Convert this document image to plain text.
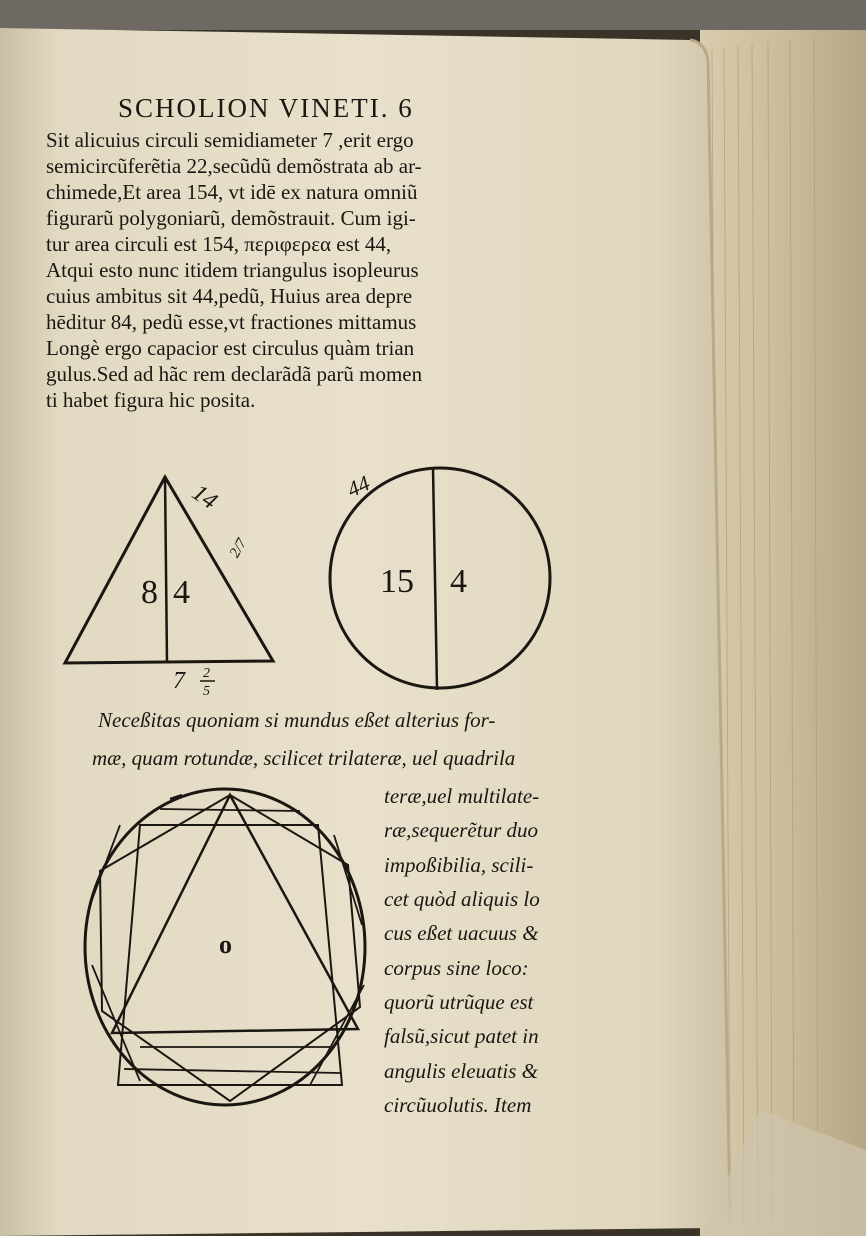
SCHOLION VINETI. 6
Sit alicuius circuli semidiameter 7 ,erit ergo
semicircũferẽtia 22,secũdũ demõstrata ab ar-
chimede,Et area 154, vt idē ex natura omniũ
figurarũ polygoniarũ, demõstrauit. Cum igi-
tur area circuli est 154, περιφερεα est 44,
Atqui esto nunc itidem triangulus isopleurus
cuius ambitus sit 44,pedũ, Huius area depre
hēditur 84, pedũ esse,vt fractiones mittamus
Longè ergo capacior est circulus quàm trian
gulus.Sed ad hãc rem declarãdã parũ momen
ti habet figura hic posita.
8 4
14
2/7
7 2
5
44
15 4
Neceßitas quoniam si mundus eßet alterius for-
mæ, quam rotundæ, scilicet trilateræ, uel quadrila
o
teræ,uel multilate-
ræ,sequerẽtur duo
impoßibilia, scili-
cet quòd aliquis lo
cus eßet uacuus &
corpus sine loco:
quorũ utrũque est
falsũ,sicut patet in
angulis eleuatis &
circũuolutis. Item
